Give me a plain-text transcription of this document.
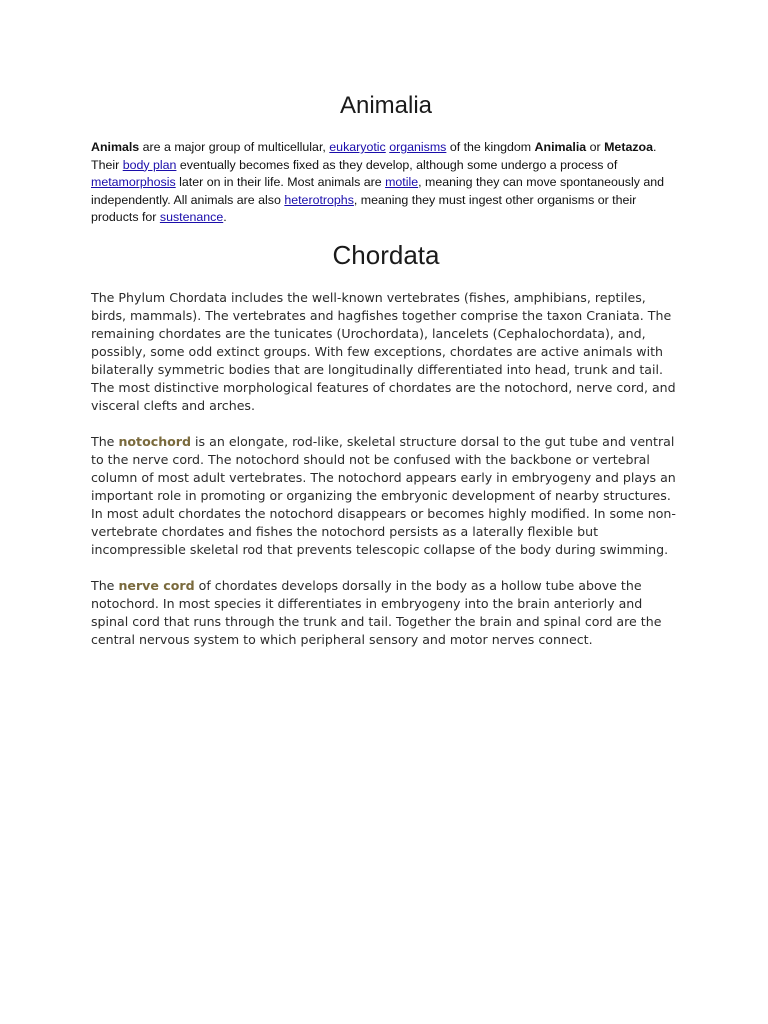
Animalia

Animals are a major group of multicellular, eukaryotic organisms of the kingdom Animalia or Metazoa. Their body plan eventually becomes fixed as they develop, although some undergo a process of metamorphosis later on in their life. Most animals are motile, meaning they can move spontaneously and independently. All animals are also heterotrophs, meaning they must ingest other organisms or their products for sustenance.

Chordata

The Phylum Chordata includes the well-known vertebrates (fishes, amphibians, reptiles, birds, mammals). The vertebrates and hagfishes together comprise the taxon Craniata. The remaining chordates are the tunicates (Urochordata), lancelets (Cephalochordata), and, possibly, some odd extinct groups. With few exceptions, chordates are active animals with bilaterally symmetric bodies that are longitudinally differentiated into head, trunk and tail. The most distinctive morphological features of chordates are the notochord, nerve cord, and visceral clefts and arches.

The notochord is an elongate, rod-like, skeletal structure dorsal to the gut tube and ventral to the nerve cord. The notochord should not be confused with the backbone or vertebral column of most adult vertebrates. The notochord appears early in embryogeny and plays an important role in promoting or organizing the embryonic development of nearby structures. In most adult chordates the notochord disappears or becomes highly modified. In some non-vertebrate chordates and fishes the notochord persists as a laterally flexible but incompressible skeletal rod that prevents telescopic collapse of the body during swimming.

The nerve cord of chordates develops dorsally in the body as a hollow tube above the notochord. In most species it differentiates in embryogeny into the brain anteriorly and spinal cord that runs through the trunk and tail. Together the brain and spinal cord are the central nervous system to which peripheral sensory and motor nerves connect.
